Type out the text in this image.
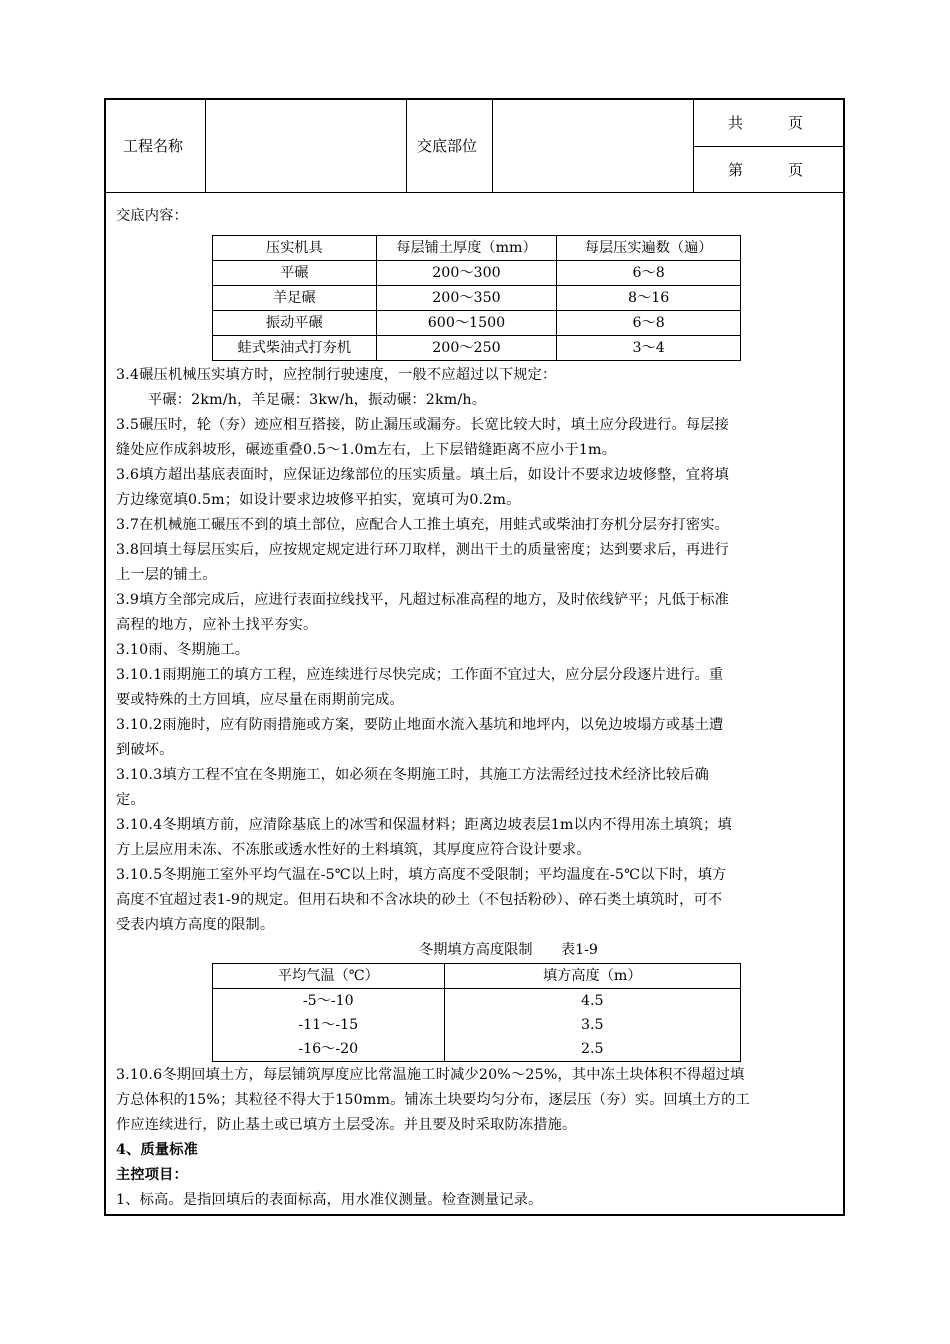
工程名称	交底部位
共　　　页
第　　　页
交底内容：
压实机具	每层铺土厚度（mm）	每层压实遍数（遍）
平碾	200～300	6～8
羊足碾	200～350	8～16
振动平碾	600～1500	6～8
蛙式柴油式打夯机	200～250	3～4
3.4碾压机械压实填方时，应控制行驶速度，一般不应超过以下规定：
平碾：2km/h，羊足碾：3kw/h，振动碾：2km/h。
3.5碾压时，轮（夯）迹应相互搭接，防止漏压或漏夯。长宽比较大时，填土应分段进行。每层接
缝处应作成斜坡形，碾迹重叠0.5～1.0m左右，上下层错缝距离不应小于1m。
3.6填方超出基底表面时，应保证边缘部位的压实质量。填土后，如设计不要求边坡修整，宜将填
方边缘宽填0.5m；如设计要求边坡修平拍实，宽填可为0.2m。
3.7在机械施工碾压不到的填土部位，应配合人工推土填充，用蛙式或柴油打夯机分层夯打密实。
3.8回填土每层压实后，应按规定规定进行环刀取样，测出干土的质量密度；达到要求后，再进行
上一层的铺土。
3.9填方全部完成后，应进行表面拉线找平，凡超过标准高程的地方，及时依线铲平；凡低于标准
高程的地方，应补土找平夯实。
3.10雨、冬期施工。
3.10.1雨期施工的填方工程，应连续进行尽快完成；工作面不宜过大，应分层分段逐片进行。重
要或特殊的土方回填，应尽量在雨期前完成。
3.10.2雨施时，应有防雨措施或方案，要防止地面水流入基坑和地坪内，以免边坡塌方或基土遭
到破坏。
3.10.3填方工程不宜在冬期施工，如必须在冬期施工时，其施工方法需经过技术经济比较后确
定。
3.10.4冬期填方前，应清除基底上的冰雪和保温材料；距离边坡表层1m以内不得用冻土填筑；填
方上层应用未冻、不冻胀或透水性好的土料填筑，其厚度应符合设计要求。
3.10.5冬期施工室外平均气温在-5℃以上时，填方高度不受限制；平均温度在-5℃以下时，填方
高度不宜超过表1-9的规定。但用石块和不含冰块的砂土（不包括粉砂）、碎石类土填筑时，可不
受表内填方高度的限制。
冬期填方高度限制　　表1-9
平均气温（℃）	填方高度（m）
-5～-10	4.5
-11～-15	3.5
-16～-20	2.5
3.10.6冬期回填土方，每层铺筑厚度应比常温施工时减少20%～25%，其中冻土块体积不得超过填
方总体积的15%；其粒径不得大于150mm。铺冻土块要均匀分布，逐层压（夯）实。回填土方的工
作应连续进行，防止基土或已填方土层受冻。并且要及时采取防冻措施。
4、质量标准
主控项目：
1、标高。是指回填后的表面标高，用水准仪测量。检查测量记录。
